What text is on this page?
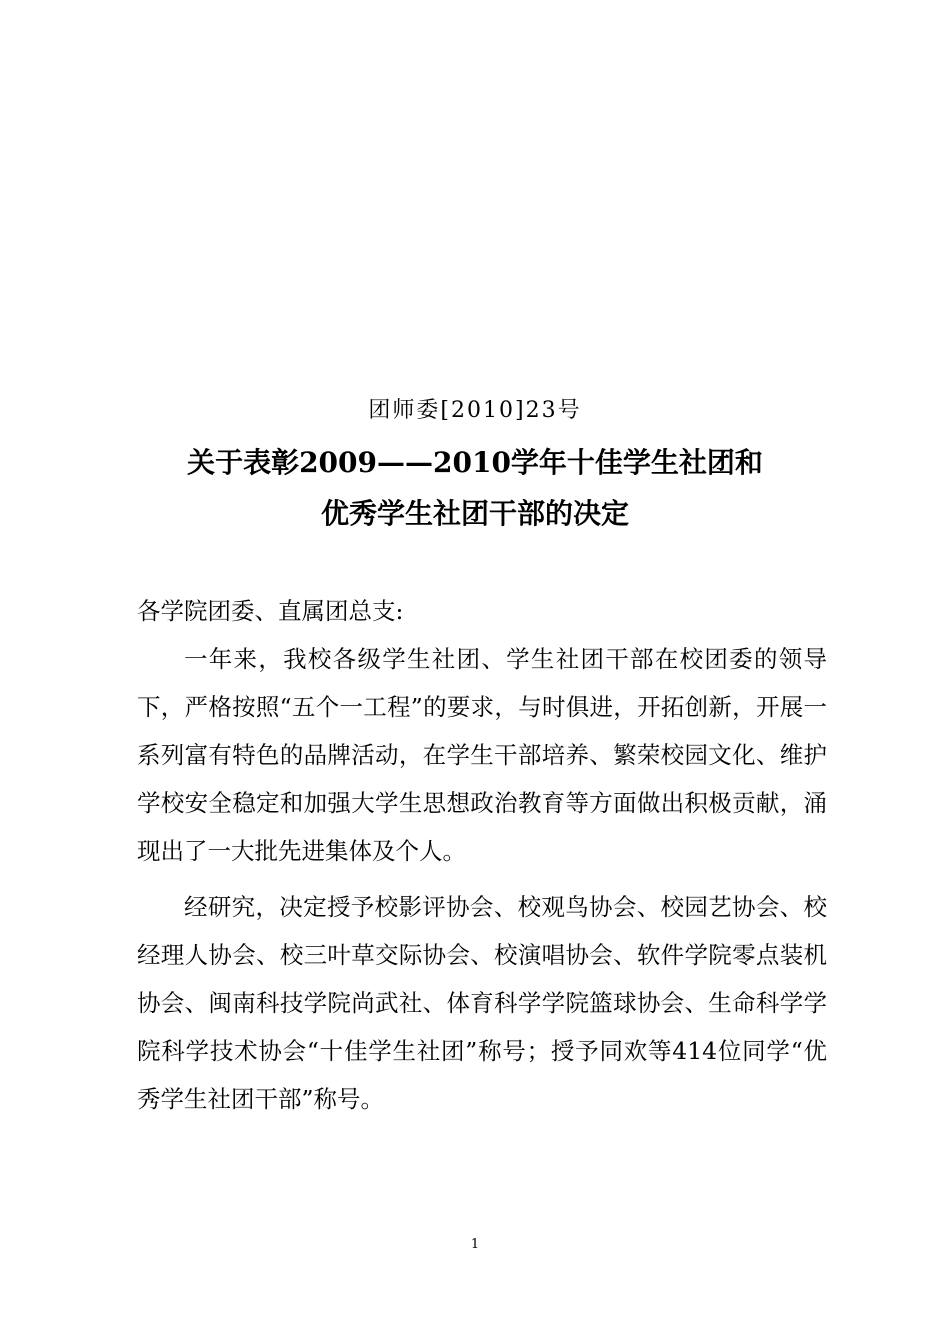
团师委[2010]23号
关于表彰2009——2010学年十佳学生社团和
优秀学生社团干部的决定
各学院团委、直属团总支:

一年来，我校各级学生社团、学生社团干部在校团委的领导下，严格按照“五个一工程”的要求，与时俱进，开拓创新，开展一系列富有特色的品牌活动，在学生干部培养、繁荣校园文化、维护学校安全稳定和加强大学生思想政治教育等方面做出积极贡献，涌现出了一大批先进集体及个人。

经研究，决定授予校影评协会、校观鸟协会、校园艺协会、校经理人协会、校三叶草交际协会、校演唱协会、软件学院零点装机协会、闽南科技学院尚武社、体育科学学院篮球协会、生命科学学院科学技术协会“十佳学生社团”称号；授予同欢等414位同学“优秀学生社团干部”称号。

1
